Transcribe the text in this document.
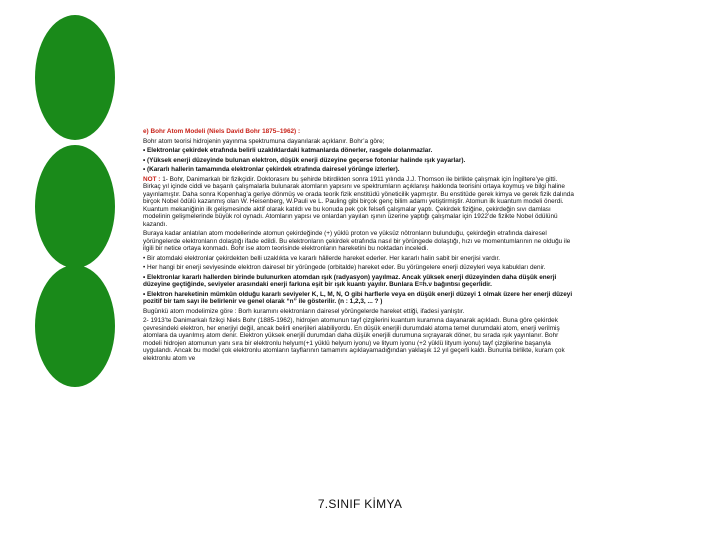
e) Bohr Atom Modeli (Niels David Bohr 1875–1962) :

Bohr atom teorisi hidrojenin yayınma spektrumuna dayanılarak açıklanır. Bohr’a göre;

• Elektronlar çekirdek etrafında belirli uzaklıklardaki katmanlarda dönerler, rasgele dolanmazlar.

• (Yüksek enerji düzeyinde bulunan elektron, düşük enerji düzeyine geçerse fotonlar halinde ışık yayarlar).

• (Kararlı hallerin tamamında elektronlar çekirdek etrafında dairesel yörünge izlerler).

NOT : 1- Bohr, Danimarkalı bir fizikçidir. Doktorasını bu şehirde bitirdikten sonra 1911 yılında J.J. Thomson ile birlikte çalışmak için İngiltere’ye gitti. Birkaç yıl içinde ciddi ve başarılı çalışmalarla bulunarak atomların yapısını ve spektrumların açıklanışı hakkında teorisini ortaya koymuş ve bilgi haline yayınlamıştır. Daha sonra Kopenhag’a geriye dönmüş ve orada teorik fizik enstitüdü yöneticilik yapmıştır. Bu enstitüde gerek kimya ve gerek fizik dalında birçok Nobel ödülü kazanmış olan W. Heisenberg, W.Pauli ve L. Pauling gibi birçok genç bilim adamı yetiştirmiştir. Atomun ilk kuantum modeli önerdi. Kuantum mekaniğinin ilk gelişmesinde aktif olarak katıldı ve bu konuda pek çok felsefi çalışmalar yaptı. Çekirdek fiziğine, çekirdeğin sıvı damlası modelinin gelişmelerinde büyük rol oynadı. Atomların yapısı ve onlardan yayılan ışının üzerine yaptığı çalışmalar için 1922’de fizikte Nobel ödülünü kazandı.

Buraya kadar anlatılan atom modellerinde atomun çekirdeğinde (+) yüklü proton ve yüksüz nötronların bulunduğu, çekirdeğin etrafında dairesel yörüngelerde elektronların dolaştığı ifade edildi. Bu elektronların çekirdek etrafında nasıl bir yörüngede dolaştığı, hızı ve momentumlarının ne olduğu ile ilgili bir netice ortaya konmadı. Bohr ise atom teorisinde elektronların hareketini bu noktadan inceledi.

• Bir atomdaki elektronlar çekirdekten belli uzaklıkta ve kararlı hâllerde hareket ederler. Her kararlı halin sabit bir enerjisi vardır.

• Her hangi bir enerji seviyesinde elektron dairesel bir yörüngede (orbitalde) hareket eder. Bu yörüngelere enerji düzeyleri veya kabukları denir.

• Elektronlar kararlı hallerden birinde bulunurken atomdan ışık (radyasyon) yayılmaz. Ancak yüksek enerji düzeyinden daha düşük enerji düzeyine geçtiğinde, seviyeler arasındaki enerji farkına eşit bir ışık kuantı yayılır. Bunlara E=h.ν bağıntısı geçerlidir.

• Elektron hareketinin mümkün olduğu kararlı seviyeler K, L, M, N, O gibi harflerle veya en düşük enerji düzeyi 1 olmak üzere her enerji düzeyi pozitif bir tam sayı ile belirlenir ve genel olarak “n” ile gösterilir. (n : 1,2,3, ... ? )

Bugünkü atom modelimize göre : Borh kuramını elektronların dairesel yörüngelerde hareket ettiği, ifadesi yanlıştır.

2- 1913’te Danimarkalı fizikçi Niels Bohr (1885-1962), hidrojen atomunun tayf çizgilerini kuantum kuramına dayanarak açıkladı. Buna göre çekirdek çevresindeki elektron, her enerjiyi değil, ancak belirli enerjileri alabiliyordu. En düşük enerjili durumdaki atoma temel durumdaki atom, enerji verilmiş atomlara da uyarılmış atom denir. Elektron yüksek enerjili durumdan daha düşük enerjili durumuna sıçrayarak döner, bu sırada ışık yayınlanır. Bohr modeli hidrojen atomunun yanı sıra bir elektronlu helyum(+1 yüklü helyum iyonu) ve lityum iyonu (+2 yüklü lityum iyonu) tayf çizgilerine başarıyla uygulandı. Ancak bu model çok elektronlu atomların tayflarının tamamını açıklayamadığından yaklaşık 12 yıl geçerli kaldı. Bununla birlikte, kuram çok elektronlu atom ve

7.SINIF KİMYA
